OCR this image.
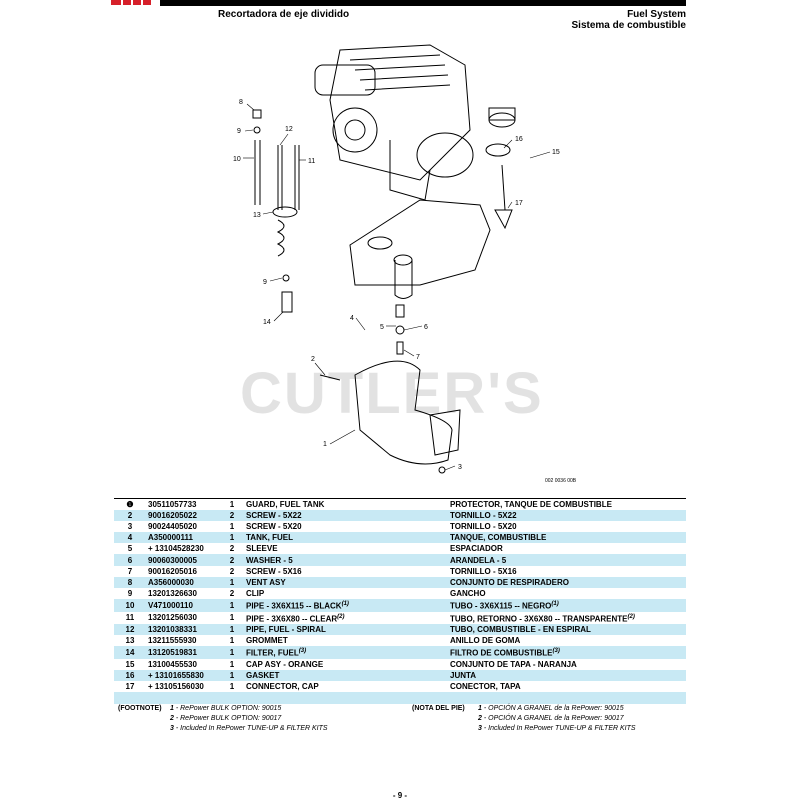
Recortadora de eje dividido	Fuel System
Sistema de combustible
CUTLER'S
8
9
10
12
11
13
9
14
4
5	6
2	7
1
3
16
15
17
002 0036 00B
❶	30511057733	1	GUARD, FUEL TANK	PROTECTOR, TANQUE DE COMBUSTIBLE
2	90016205022	2	SCREW - 5X22	TORNILLO - 5X22
3	90024405020	1	SCREW - 5X20	TORNILLO - 5X20
4	A350000111	1	TANK, FUEL	TANQUE, COMBUSTIBLE
5	+ 13104528230	2	SLEEVE	ESPACIADOR
6	90060300005	2	WASHER - 5	ARANDELA - 5
7	90016205016	2	SCREW - 5X16	TORNILLO - 5X16
8	A356000030	1	VENT ASY	CONJUNTO DE RESPIRADERO
9	13201326630	2	CLIP	GANCHO
10	V471000110	1	PIPE - 3X6X115 -- BLACK$^{(1)}$	TUBO - 3X6X115 -- NEGRO$^{(1)}$
11	13201256030	1	PIPE - 3X6X80 -- CLEAR$^{(2)}$	TUBO, RETORNO - 3X6X80 -- TRANSPARENTE$^{(2)}$
12	13201038331	1	PIPE, FUEL - SPIRAL	TUBO, COMBUSTIBLE - EN ESPIRAL
13	13211555930	1	GROMMET	ANILLO DE GOMA
14	13120519831	1	FILTER, FUEL$^{(3)}$	FILTRO DE COMBUSTIBLE$^{(3)}$
15	13100455530	1	CAP ASY - ORANGE	CONJUNTO DE TAPA - NARANJA
16	+ 13101655830	1	GASKET	JUNTA
17	+ 13105156030	1	CONNECTOR, CAP	CONECTOR, TAPA

(FOOTNOTE) 1 - RePower BULK OPTION: 90015
2 - RePower BULK OPTION: 90017
3 - Included In RePower TUNE-UP & FILTER KITS
(NOTA DEL PIE) 1 - OPCIÓN A GRANEL de la RePower: 90015
2 - OPCIÓN A GRANEL de la RePower: 90017
3 - Included In RePower TUNE-UP & FILTER KITS
- 9 -
